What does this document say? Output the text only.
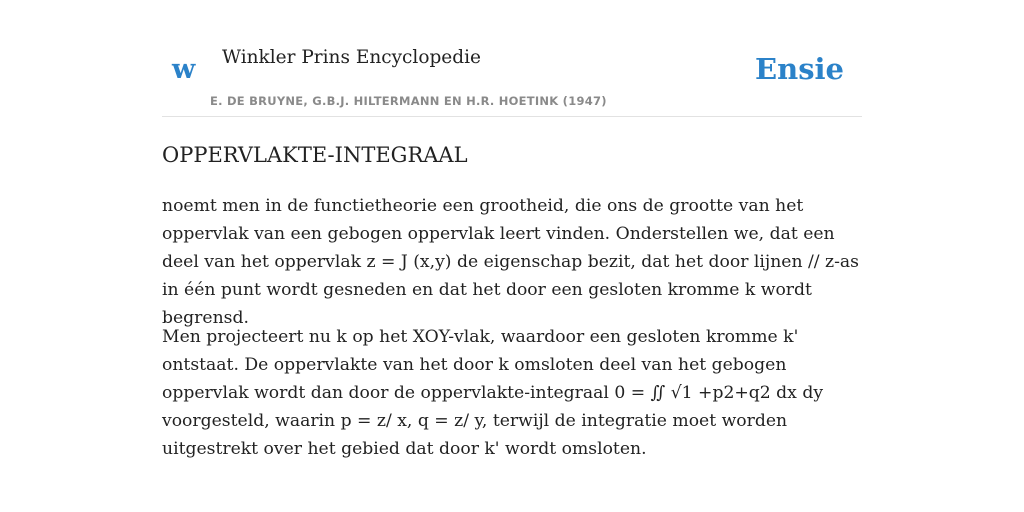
w Winkler Prins Encyclopedie
E. DE BRUYNE, G.B.J. HILTERMANN EN H.R. HOETINK (1947)
Ensie
OPPERVLAKTE-INTEGRAAL

noemt men in de functietheorie een grootheid, die ons de grootte van het oppervlak van een gebogen oppervlak leert vinden. Onderstellen we, dat een deel van het oppervlak z = J (x,y) de eigenschap bezit, dat het door lijnen // z-as in één punt wordt gesneden en dat het door een gesloten kromme k wordt begrensd.

Men projecteert nu k op het XOY-vlak, waardoor een gesloten kromme k' ontstaat. De oppervlakte van het door k omsloten deel van het gebogen oppervlak wordt dan door de oppervlakte-integraal 0 = ∬ √1 +p2+q2 dx dy voorgesteld, waarin p = z/ x, q = z/ y, terwijl de integratie moet worden uitgestrekt over het gebied dat door k' wordt omsloten.
